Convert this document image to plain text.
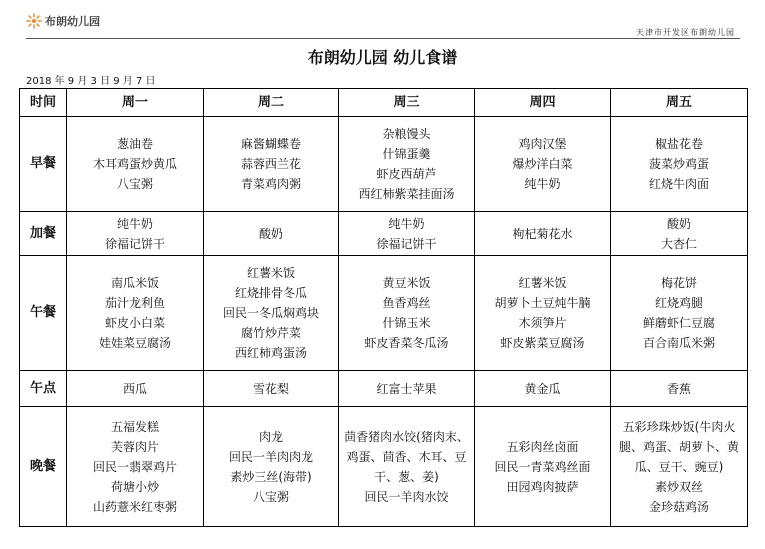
布朗幼儿园
天津市开发区布朗幼儿园
布朗幼儿园 幼儿食谱
2018 年 9 月 3 日 9 月 7 日
时间	周一	周二	周三	周四	周五
早餐	葱油卷
木耳鸡蛋炒黄瓜
八宝粥	麻酱蝴蝶卷
蒜蓉西兰花
青菜鸡肉粥	杂粮馒头
什锦蛋羹
虾皮西葫芦
西红柿紫菜挂面汤	鸡肉汉堡
爆炒洋白菜
纯牛奶	椒盐花卷
菠菜炒鸡蛋
红烧牛肉面

加餐	纯牛奶
徐福记饼干	酸奶	纯牛奶
徐福记饼干	枸杞菊花水	酸奶
大杏仁

午餐	南瓜米饭
茄汁龙利鱼
虾皮小白菜
娃娃菜豆腐汤	红薯米饭
红烧排骨冬瓜
回民一冬瓜焖鸡块
腐竹炒芹菜
西红柿鸡蛋汤	黄豆米饭
鱼香鸡丝
什锦玉米
虾皮香菜冬瓜汤	红薯米饭
胡萝卜土豆炖牛腩
木须笋片
虾皮紫菜豆腐汤	梅花饼
红烧鸡腿
鲜蘑虾仁豆腐
百合南瓜米粥

午点	西瓜	雪花梨	红富士苹果	黄金瓜	香蕉

晚餐	五福发糕
芙蓉肉片
回民一翡翠鸡片
荷塘小炒
山药薏米红枣粥	肉龙
回民一羊肉肉龙
素炒三丝(海带)
八宝粥	茴香猪肉水饺(猪肉末、鸡蛋、茴香、木耳、豆干、葱、姜)
回民一羊肉水饺	五彩肉丝卤面
回民一青菜鸡丝面
田园鸡肉披萨	五彩珍珠炒饭(牛肉火腿、鸡蛋、胡萝卜、黄瓜、豆干、豌豆)
素炒双丝
金珍菇鸡汤
